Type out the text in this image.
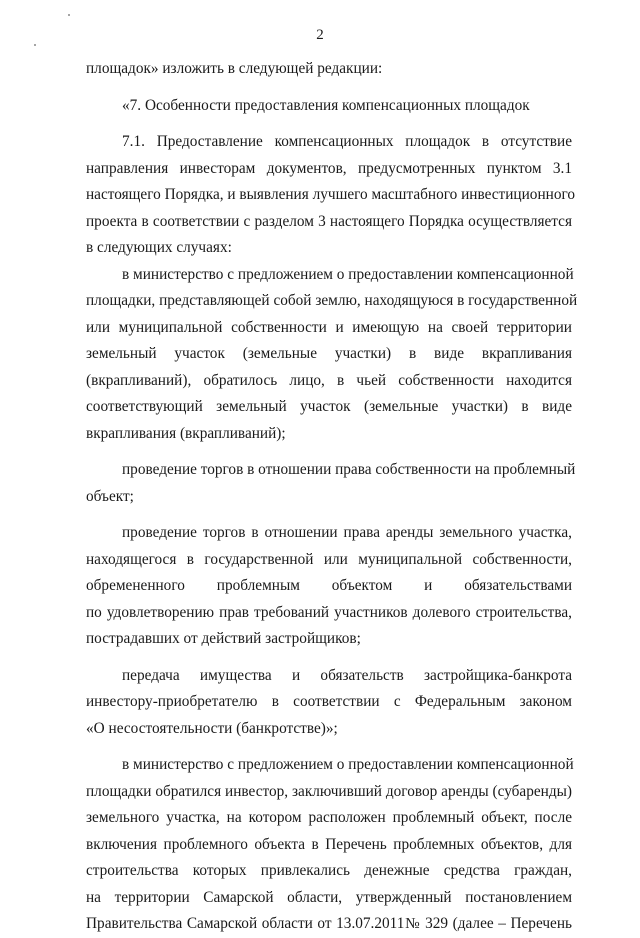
2
площадок» изложить в следующей редакции:
«7. Особенности предоставления компенсационных площадок
7.1. Предоставление компенсационных площадок в отсутствие
направления инвесторам документов, предусмотренных пунктом 3.1
настоящего Порядка, и выявления лучшего масштабного инвестиционного
проекта в соответствии с разделом 3 настоящего Порядка осуществляется
в следующих случаях:
в министерство с предложением о предоставлении компенсационной
площадки, представляющей собой землю, находящуюся в государственной
или муниципальной собственности и имеющую на своей территории
земельный участок (земельные участки) в виде вкрапливания
(вкрапливаний), обратилось лицо, в чьей собственности находится
соответствующий земельный участок (земельные участки) в виде
вкрапливания (вкрапливаний);
проведение торгов в отношении права собственности на проблемный
объект;
проведение торгов в отношении права аренды земельного участка,
находящегося в государственной или муниципальной собственности,
обремененного проблемным объектом и обязательствами
по удовлетворению прав требований участников долевого строительства,
пострадавших от действий застройщиков;
передача имущества и обязательств застройщика-банкрота
инвестору-приобретателю в соответствии с Федеральным законом
«О несостоятельности (банкротстве)»;
в министерство с предложением о предоставлении компенсационной
площадки обратился инвестор, заключивший договор аренды (субаренды)
земельного участка, на котором расположен проблемный объект, после
включения проблемного объекта в Перечень проблемных объектов, для
строительства которых привлекались денежные средства граждан,
на территории Самарской области, утвержденный постановлением
Правительства Самарской области от 13.07.2011№ 329 (далее – Перечень
